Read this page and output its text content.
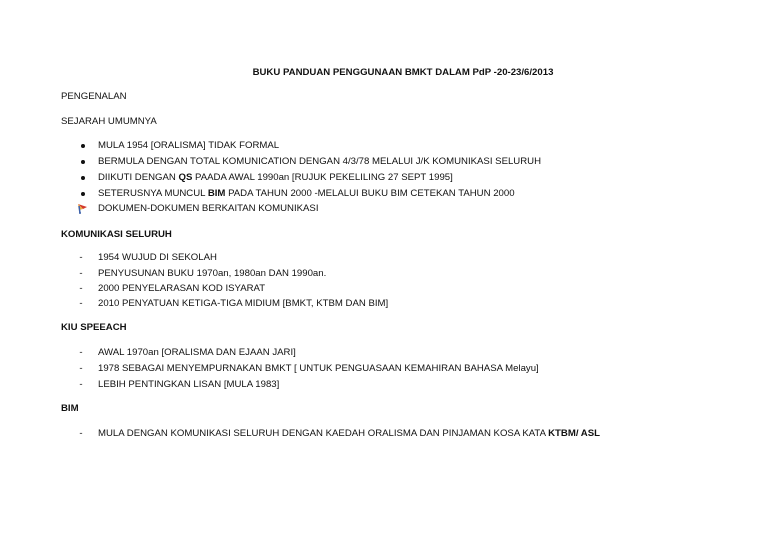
BUKU PANDUAN PENGGUNAAN BMKT DALAM PdP -20-23/6/2013
PENGENALAN
SEJARAH UMUMNYA
MULA 1954 [ORALISMA] TIDAK FORMAL
BERMULA DENGAN TOTAL KOMUNICATION DENGAN 4/3/78 MELALUI J/K KOMUNIKASI SELURUH
DIIKUTI DENGAN QS PAADA AWAL 1990an [RUJUK PEKELILING 27 SEPT 1995]
SETERUSNYA MUNCUL BIM PADA TAHUN 2000 -MELALUI BUKU BIM CETEKAN TAHUN 2000
DOKUMEN-DOKUMEN BERKAITAN KOMUNIKASI
KOMUNIKASI SELURUH
-	1954 WUJUD DI SEKOLAH
-	PENYUSUNAN BUKU 1970an, 1980an DAN 1990an.
-	2000 PENYELARASAN KOD ISYARAT
-	2010 PENYATUAN KETIGA-TIGA MIDIUM [BMKT, KTBM DAN BIM]
KIU SPEEACH
-	AWAL 1970an [ORALISMA DAN EJAAN JARI]
-	1978 SEBAGAI MENYEMPURNAKAN BMKT [ UNTUK PENGUASAAN KEMAHIRAN BAHASA Melayu]
-	LEBIH PENTINGKAN LISAN [MULA 1983]
BIM
-	MULA DENGAN KOMUNIKASI SELURUH DENGAN KAEDAH ORALISMA DAN PINJAMAN KOSA KATA KTBM/ ASL
